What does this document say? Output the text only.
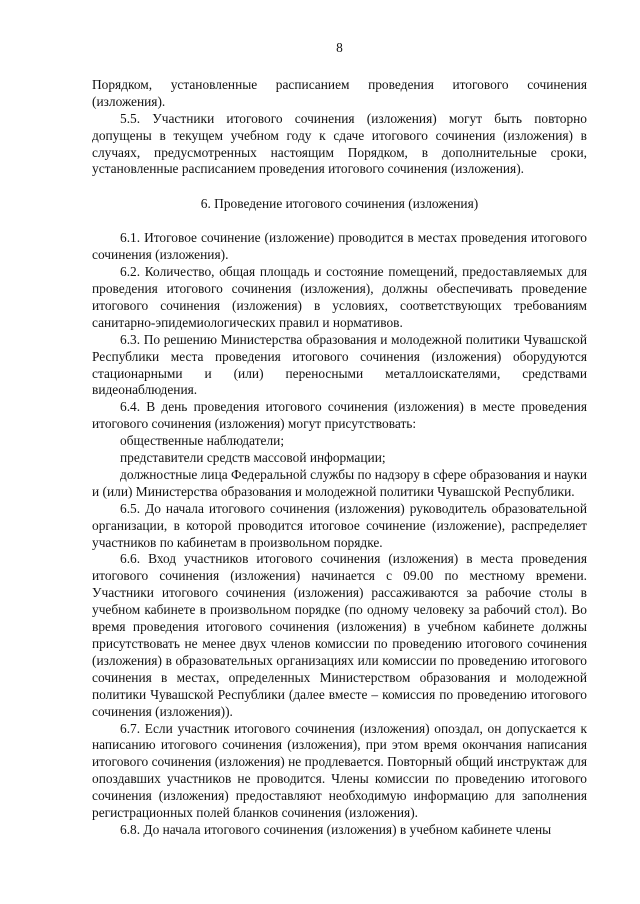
8

Порядком, установленные расписанием проведения итогового сочинения (изложения).

5.5. Участники итогового сочинения (изложения) могут быть повторно допущены в текущем учебном году к сдаче итогового сочинения (изложения) в случаях, предусмотренных настоящим Порядком, в дополнительные сроки, установленные расписанием проведения итогового сочинения (изложения).

6. Проведение итогового сочинения (изложения)

6.1. Итоговое сочинение (изложение) проводится в местах проведения итогового сочинения (изложения).

6.2. Количество, общая площадь и состояние помещений, предоставляемых для проведения итогового сочинения (изложения), должны обеспечивать проведение итогового сочинения (изложения) в условиях, соответствующих требованиям санитарно-эпидемиологических правил и нормативов.

6.3. По решению Министерства образования и молодежной политики Чувашской Республики места проведения итогового сочинения (изложения) оборудуются стационарными и (или) переносными металлоискателями, средствами видеонаблюдения.

6.4. В день проведения итогового сочинения (изложения) в месте проведения итогового сочинения (изложения) могут присутствовать:

общественные наблюдатели;

представители средств массовой информации;

должностные лица Федеральной службы по надзору в сфере образования и науки и (или) Министерства образования и молодежной политики Чувашской Республики.

6.5. До начала итогового сочинения (изложения) руководитель образовательной организации, в которой проводится итоговое сочинение (изложение), распределяет участников по кабинетам в произвольном порядке.

6.6. Вход участников итогового сочинения (изложения) в места проведения итогового сочинения (изложения) начинается с 09.00 по местному времени. Участники итогового сочинения (изложения) рассаживаются за рабочие столы в учебном кабинете в произвольном порядке (по одному человеку за рабочий стол). Во время проведения итогового сочинения (изложения) в учебном кабинете должны присутствовать не менее двух членов комиссии по проведению итогового сочинения (изложения) в образовательных организациях или комиссии по проведению итогового сочинения в местах, определенных Министерством образования и молодежной политики Чувашской Республики (далее вместе – комиссия по проведению итогового сочинения (изложения)).

6.7. Если участник итогового сочинения (изложения) опоздал, он допускается к написанию итогового сочинения (изложения), при этом время окончания написания итогового сочинения (изложения) не продлевается. Повторный общий инструктаж для опоздавших участников не проводится. Члены комиссии по проведению итогового сочинения (изложения) предоставляют необходимую информацию для заполнения регистрационных полей бланков сочинения (изложения).

6.8. До начала итогового сочинения (изложения) в учебном кабинете члены
